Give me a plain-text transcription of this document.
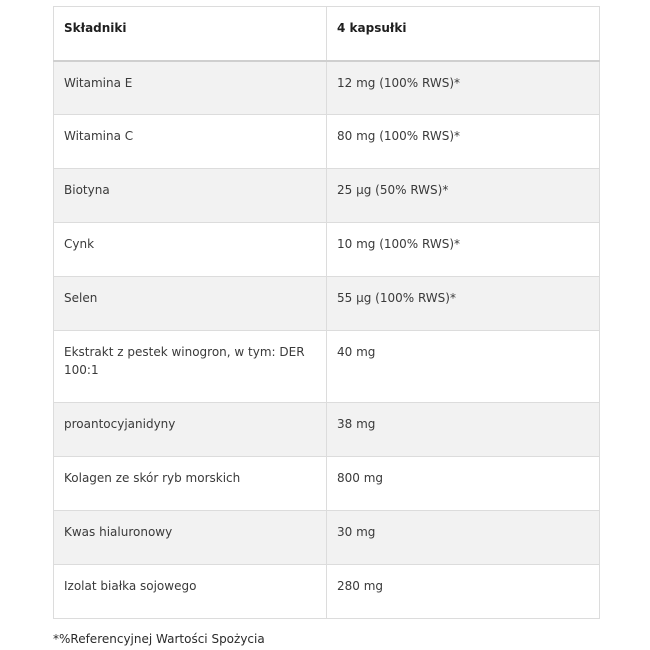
Składniki	4 kapsułki
Witamina E	12 mg (100% RWS)*
Witamina C	80 mg (100% RWS)*
Biotyna	25 µg (50% RWS)*
Cynk	10 mg (100% RWS)*
Selen	55 µg (100% RWS)*
Ekstrakt z pestek winogron, w tym: DER 100:1	40 mg
proantocyjanidyny	38 mg
Kolagen ze skór ryb morskich	800 mg
Kwas hialuronowy	30 mg
Izolat białka sojowego	280 mg
*%Referencyjnej Wartości Spożycia
